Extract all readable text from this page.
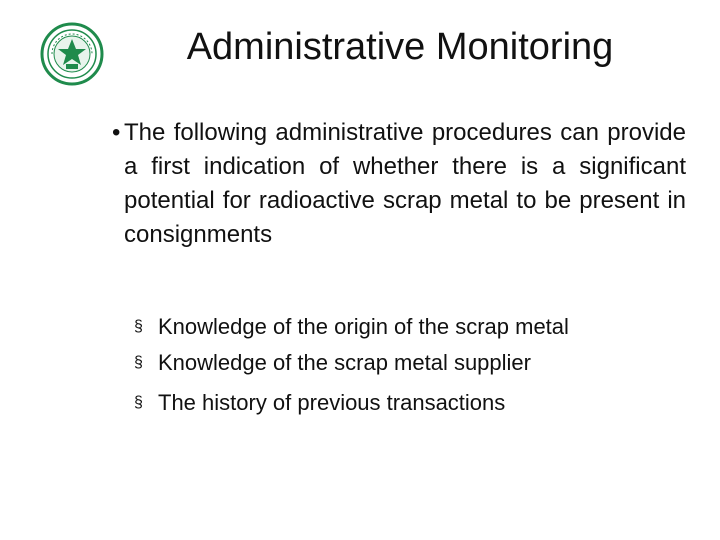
Administrative Monitoring
• The following administrative procedures can provide a first indication of whether there is a significant potential for radioactive scrap metal to be present in consignments
§ Knowledge of the origin of the scrap metal
§ Knowledge of the scrap metal supplier
§ The history of previous transactions
